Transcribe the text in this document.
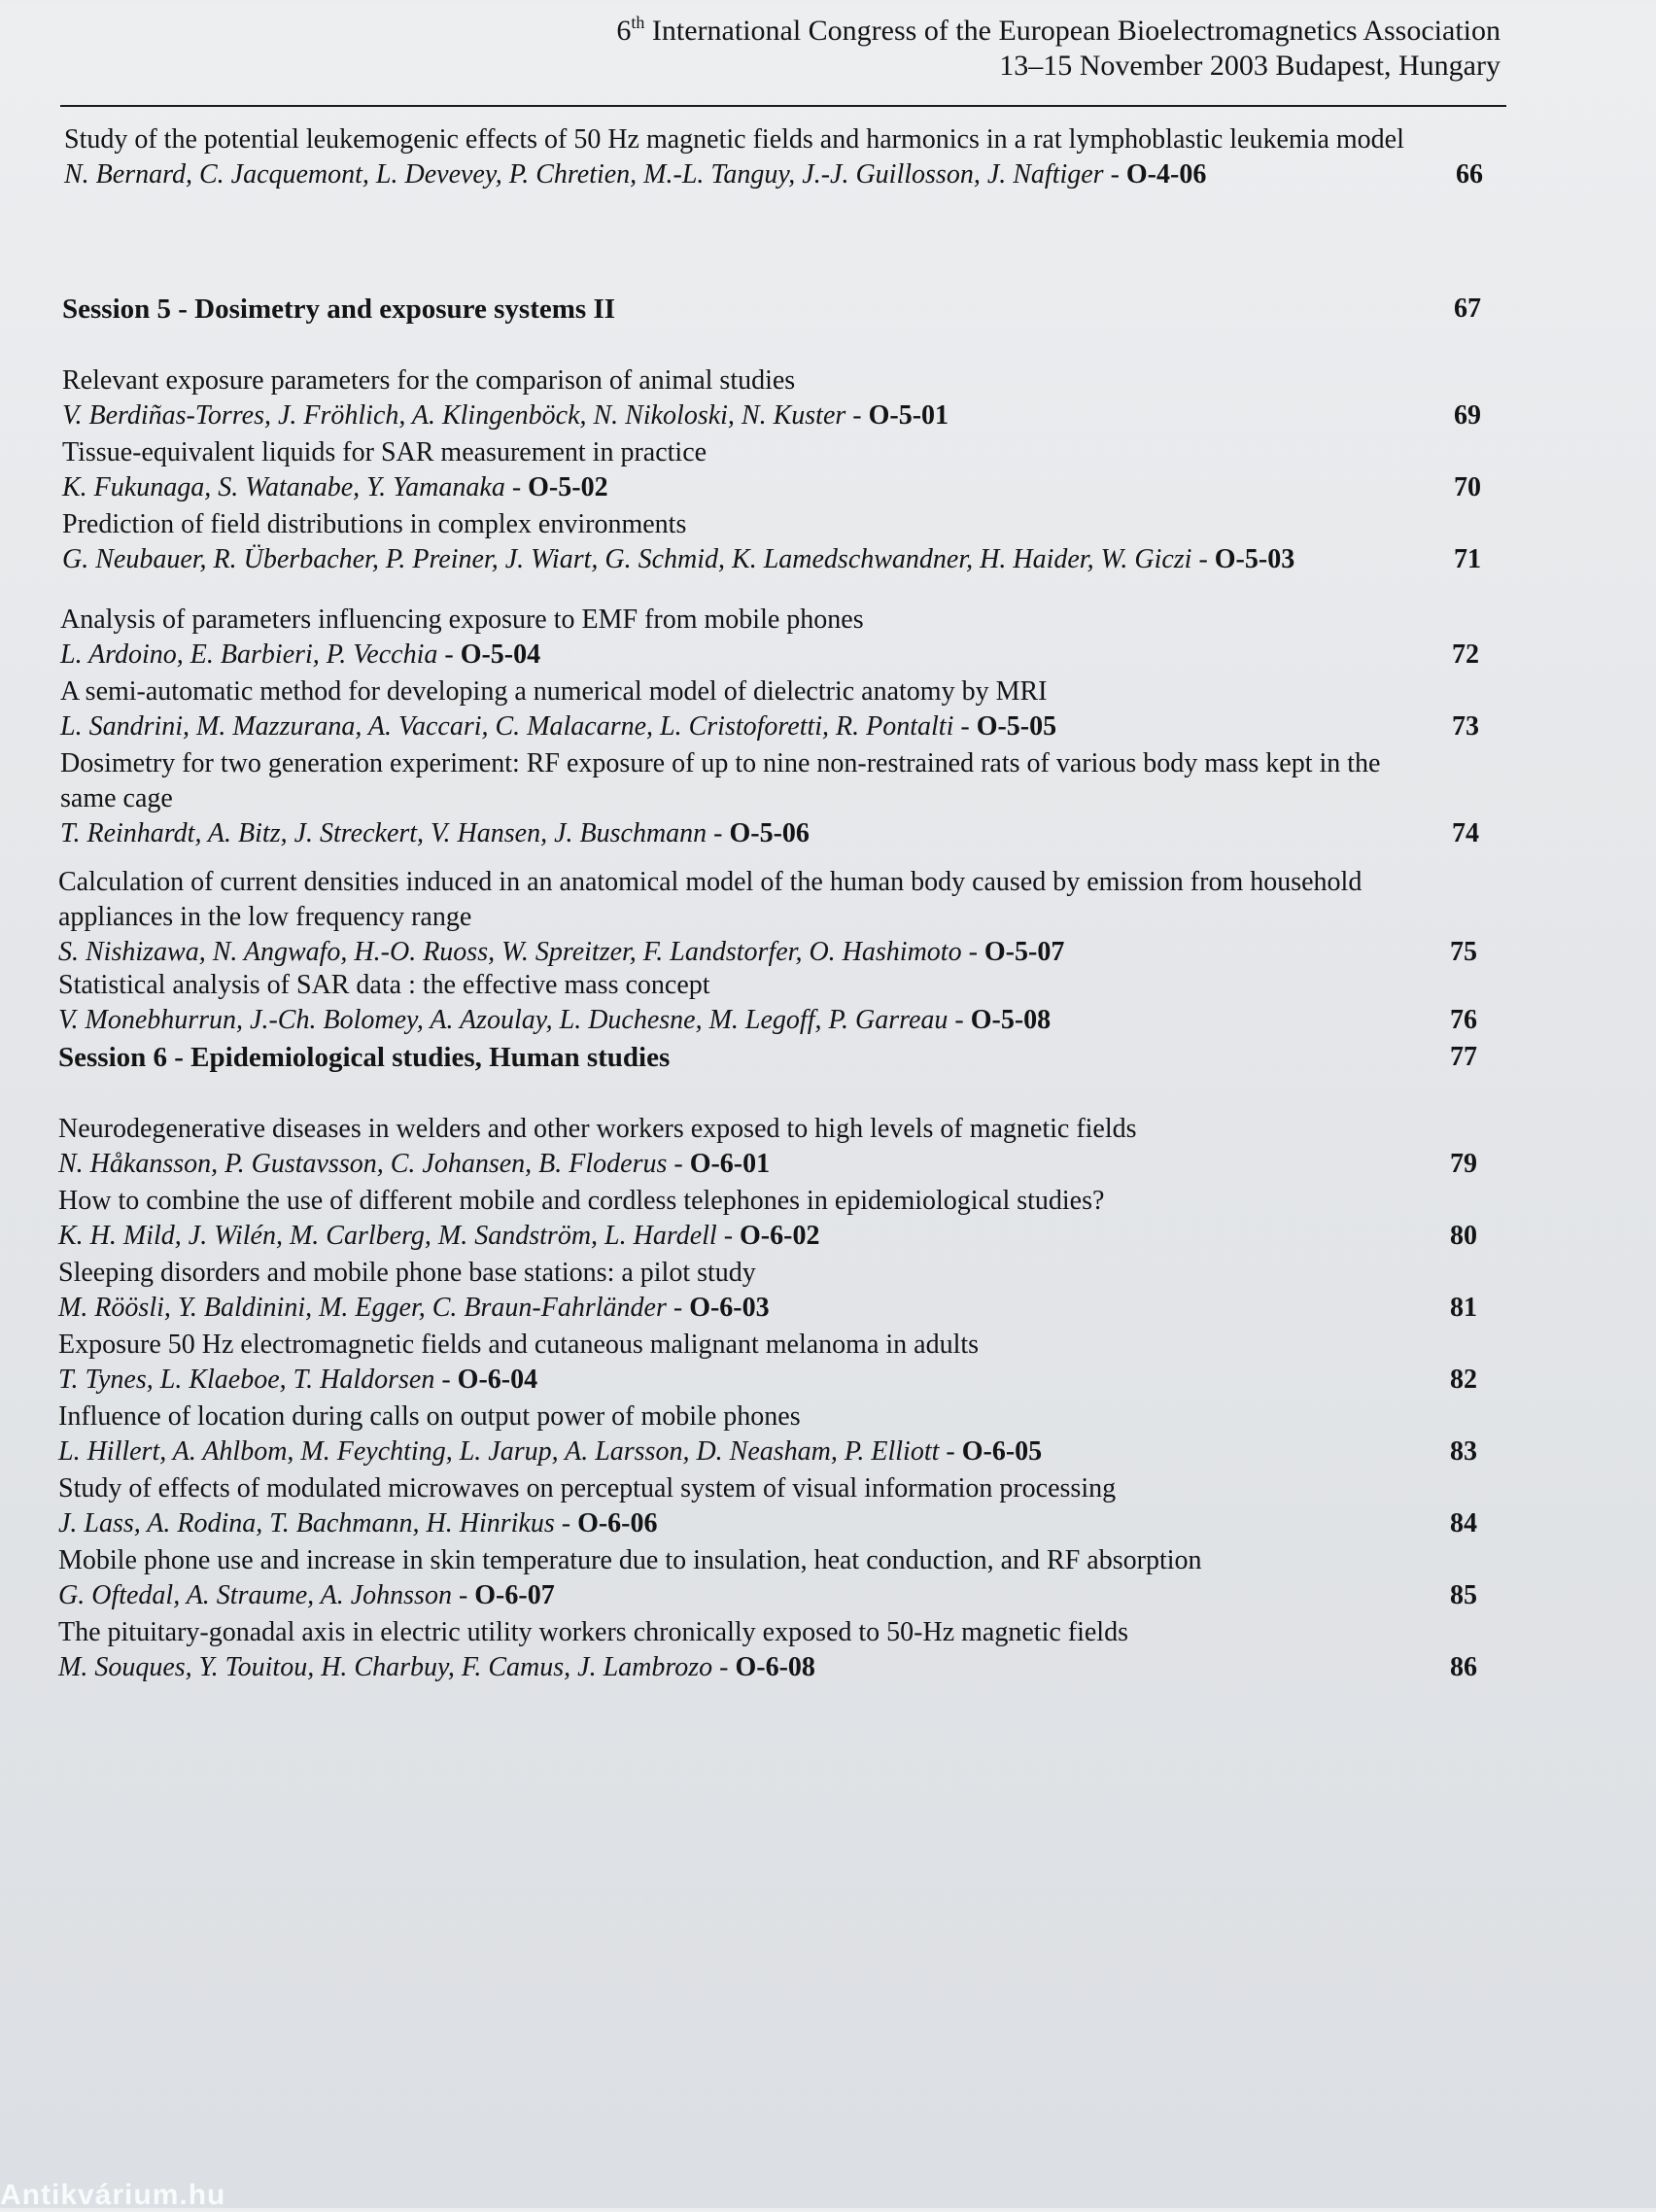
6th International Congress of the European Bioelectromagnetics Association
13–15 November 2003 Budapest, Hungary
Study of the potential leukemogenic effects of 50 Hz magnetic fields and harmonics in a rat lymphoblastic leukemia model
N. Bernard, C. Jacquemont, L. Devevey, P. Chretien, M.-L. Tanguy, J.-J. Guillosson, J. Naftiger - O-4-06	66
Session 5 - Dosimetry and exposure systems II	67
Relevant exposure parameters for the comparison of animal studies
V. Berdiñas-Torres, J. Fröhlich, A. Klingenböck, N. Nikoloski, N. Kuster - O-5-01	69
Tissue-equivalent liquids for SAR measurement in practice
K. Fukunaga, S. Watanabe, Y. Yamanaka - O-5-02	70
Prediction of field distributions in complex environments
G. Neubauer, R. Überbacher, P. Preiner, J. Wiart, G. Schmid, K. Lamedschwandner, H. Haider, W. Giczi - O-5-03	71
Analysis of parameters influencing exposure to EMF from mobile phones
L. Ardoino, E. Barbieri, P. Vecchia - O-5-04	72
A semi-automatic method for developing a numerical model of dielectric anatomy by MRI
L. Sandrini, M. Mazzurana, A. Vaccari, C. Malacarne, L. Cristoforetti, R. Pontalti - O-5-05	73
Dosimetry for two generation experiment: RF exposure of up to nine non-restrained rats of various body mass kept in the same cage
T. Reinhardt, A. Bitz, J. Streckert, V. Hansen, J. Buschmann - O-5-06	74
Calculation of current densities induced in an anatomical model of the human body caused by emission from household appliances in the low frequency range
S. Nishizawa, N. Angwafo, H.-O. Ruoss, W. Spreitzer, F. Landstorfer, O. Hashimoto - O-5-07	75
Statistical analysis of SAR data : the effective mass concept
V. Monebhurrun, J.-Ch. Bolomey, A. Azoulay, L. Duchesne, M. Legoff, P. Garreau - O-5-08	76
Session 6 - Epidemiological studies, Human studies	77
Neurodegenerative diseases in welders and other workers exposed to high levels of magnetic fields
N. Håkansson, P. Gustavsson, C. Johansen, B. Floderus - O-6-01	79
How to combine the use of different mobile and cordless telephones in epidemiological studies?
K. H. Mild, J. Wilén, M. Carlberg, M. Sandström, L. Hardell - O-6-02	80
Sleeping disorders and mobile phone base stations: a pilot study
M. Röösli, Y. Baldinini, M. Egger, C. Braun-Fahrländer - O-6-03	81
Exposure 50 Hz electromagnetic fields and cutaneous malignant melanoma in adults
T. Tynes, L. Klaeboe, T. Haldorsen - O-6-04	82
Influence of location during calls on output power of mobile phones
L. Hillert, A. Ahlbom, M. Feychting, L. Jarup, A. Larsson, D. Neasham, P. Elliott - O-6-05	83
Study of effects of modulated microwaves on perceptual system of visual information processing
J. Lass, A. Rodina, T. Bachmann, H. Hinrikus - O-6-06	84
Mobile phone use and increase in skin temperature due to insulation, heat conduction, and RF absorption
G. Oftedal, A. Straume, A. Johnsson - O-6-07	85
The pituitary-gonadal axis in electric utility workers chronically exposed to 50-Hz magnetic fields
M. Souques, Y. Touitou, H. Charbuy, F. Camus, J. Lambrozo - O-6-08	86
Antikvárium.hu
